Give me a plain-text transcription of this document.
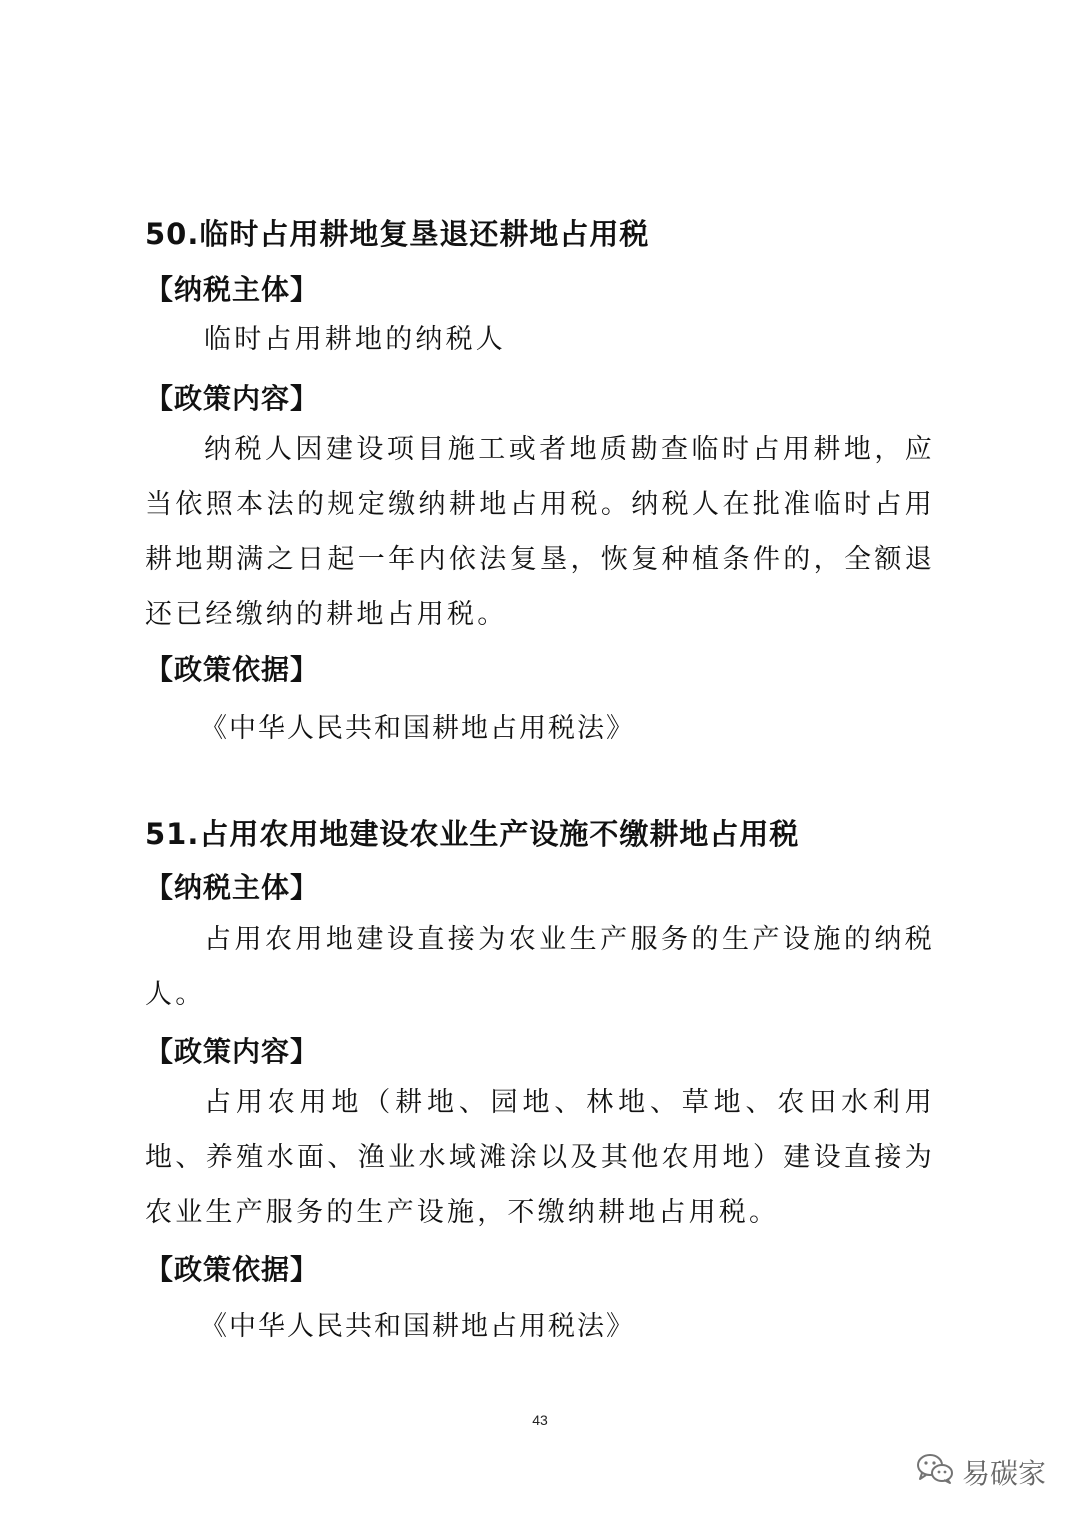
50.临时占用耕地复垦退还耕地占用税
【纳税主体】
临时占用耕地的纳税人
【政策内容】
纳税人因建设项目施工或者地质勘查临时占用耕地，应当依照本法的规定缴纳耕地占用税。纳税人在批准临时占用耕地期满之日起一年内依法复垦，恢复种植条件的，全额退还已经缴纳的耕地占用税。
【政策依据】
《中华人民共和国耕地占用税法》
51.占用农用地建设农业生产设施不缴耕地占用税
【纳税主体】
占用农用地建设直接为农业生产服务的生产设施的纳税人。
【政策内容】
占用农用地（耕地、园地、林地、草地、农田水利用地、养殖水面、渔业水域滩涂以及其他农用地）建设直接为农业生产服务的生产设施，不缴纳耕地占用税。
【政策依据】
《中华人民共和国耕地占用税法》
43
易碳家
